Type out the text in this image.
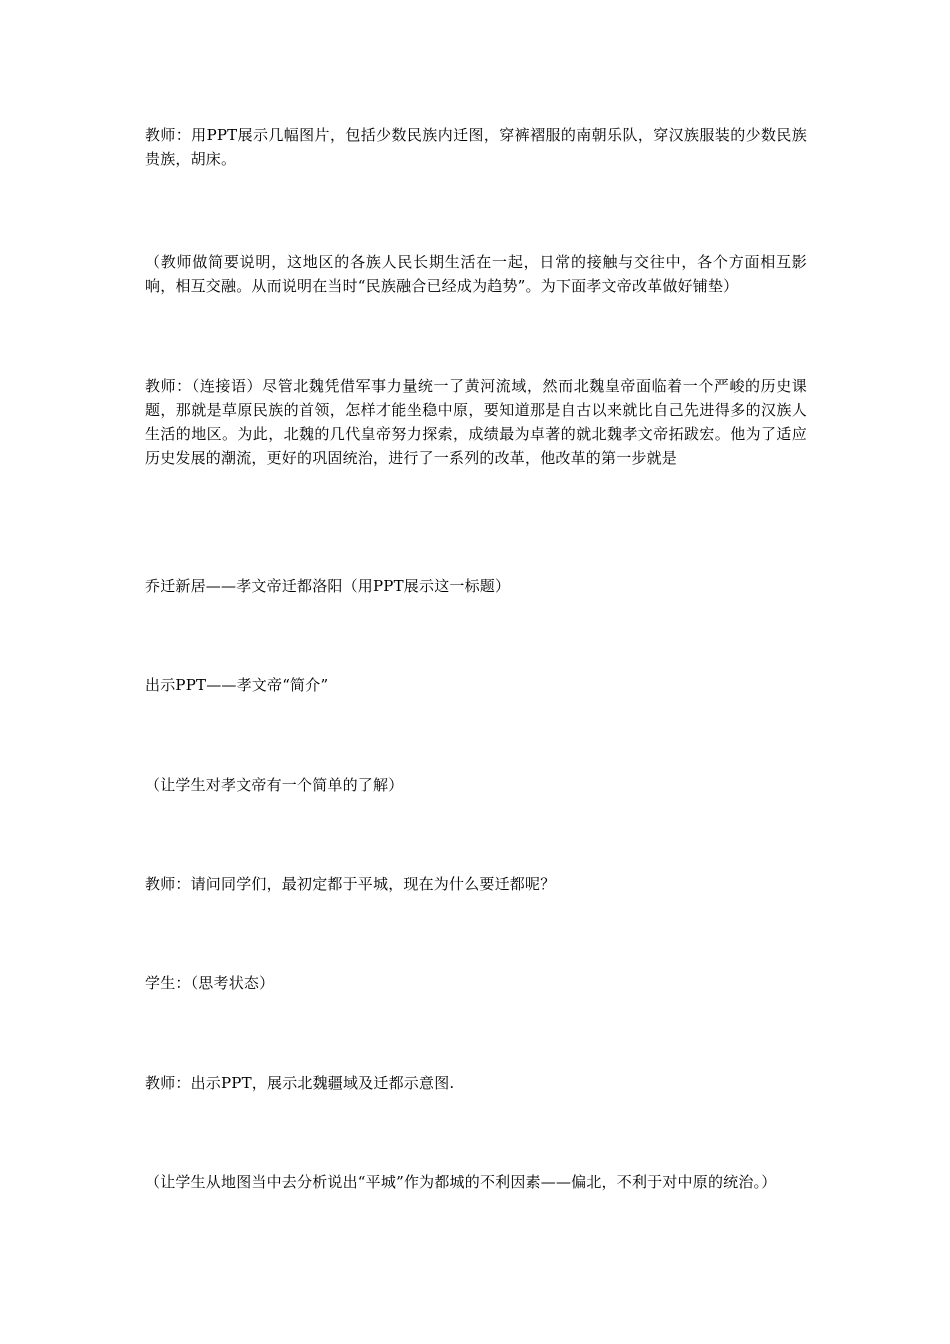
教师：用PPT展示几幅图片，包括少数民族内迁图，穿裤褶服的南朝乐队，穿汉族服装的少数民族贵族，胡床。

（教师做简要说明，这地区的各族人民长期生活在一起，日常的接触与交往中，各个方面相互影响，相互交融。从而说明在当时“民族融合已经成为趋势”。为下面孝文帝改革做好铺垫）

教师：（连接语）尽管北魏凭借军事力量统一了黄河流域，然而北魏皇帝面临着一个严峻的历史课题，那就是草原民族的首领，怎样才能坐稳中原，要知道那是自古以来就比自己先进得多的汉族人生活的地区。为此，北魏的几代皇帝努力探索，成绩最为卓著的就北魏孝文帝拓跋宏。他为了适应历史发展的潮流，更好的巩固统治，进行了一系列的改革，他改革的第一步就是

乔迁新居——孝文帝迁都洛阳（用PPT展示这一标题）

出示PPT——孝文帝“简介”

（让学生对孝文帝有一个简单的了解）

教师：请问同学们，最初定都于平城，现在为什么要迁都呢？

学生：（思考状态）

教师：出示PPT，展示北魏疆域及迁都示意图.

（让学生从地图当中去分析说出“平城”作为都城的不利因素——偏北，不利于对中原的统治。）
